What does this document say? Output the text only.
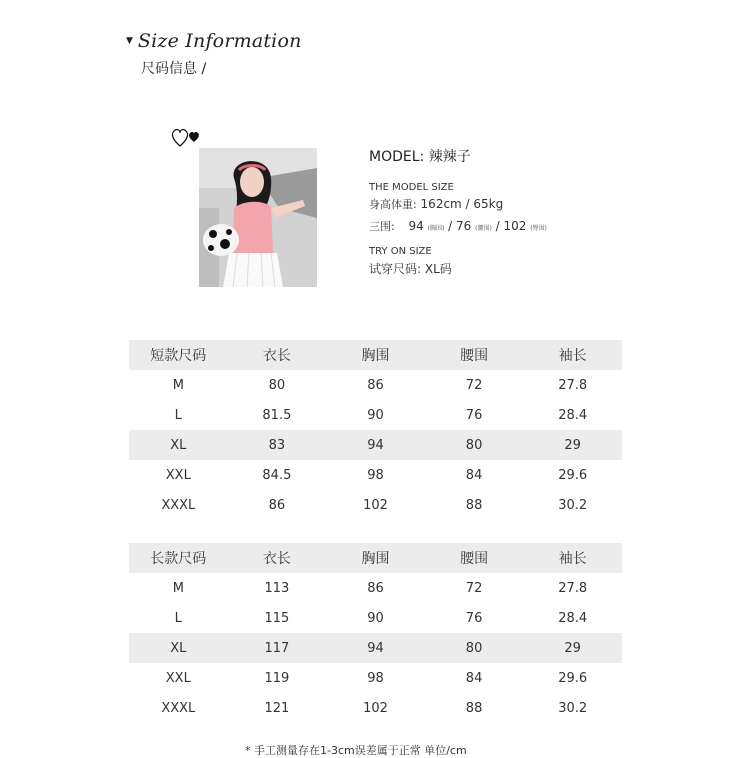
▼ Size Information
尺码信息 /
MODEL: 辣辣子
THE MODEL SIZE
身高体重: 162cm / 65kg
三围: 94 (胸围) / 76 (腰围) / 102 (臀围)
TRY ON SIZE
试穿尺码: XL码
短款尺码	衣长	胸围	腰围	袖长
M	80	86	72	27.8
L	81.5	90	76	28.4
XL	83	94	80	29
XXL	84.5	98	84	29.6
XXXL	86	102	88	30.2
长款尺码	衣长	胸围	腰围	袖长
M	113	86	72	27.8
L	115	90	76	28.4
XL	117	94	80	29
XXL	119	98	84	29.6
XXXL	121	102	88	30.2
* 手工测量存在1-3cm误差属于正常 单位/cm
